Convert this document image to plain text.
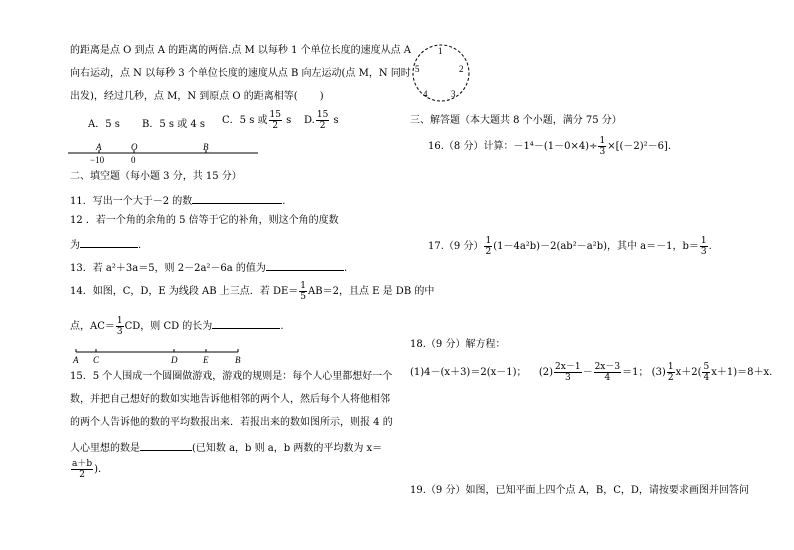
的距离是点 O 到点 A 的距离的两倍.点 M 以每秒 1 个单位长度的速度从点 A
向右运动，点 N 以每秒 3 个单位长度的速度从点 B 向左运动(点 M，N 同时
出发)，经过几秒，点 M，N 到原点 O 的距离相等( )
A．5 s B．5 s 或 4 s C．5 s 或 $\frac{15}{2}$ s D. $\frac{15}{2}$ s
A	O	B
−10	0
二、填空题（每小题 3 分，共 15 分）
11．写出一个大于－2 的数	.
12 ．若一个角的余角的 5 倍等于它的补角，则这个角的度数
为	.
13．若 a²＋3a＝5，则 2－2a²－6a 的值为	.
14．如图，C，D，E 为线段 AB 上三点．若 $DE= \frac{1}{5} AB=2$，且点 E 是 DB 的中
点，$AC= \frac{1}{3}$ CD，则 CD 的长为	.
A C	D	E	B
15．5 个人围成一个圆圈做游戏，游戏的规则是：每个人心里都想好一个
数，并把自己想好的数如实地告诉他相邻的两个人，然后每个人将他相邻
的两个人告诉他的数的平均数报出来．若报出来的数如图所示，则报 4 的
人心里想的数是	(已知数 a，b 则 a，b 两数的平均数为 x＝
$\frac{a+b}{2}$ ).
1
2
3
4
5
三、解答题（本大题共 8 个小题，满分 75 分）
16.（8 分）计算：$-1^4-(1-0\times 4)\div \frac{1}{3} \times[(-2)^2-6]$.
17.（9 分） $\frac{1}{2} (1-4a^2b)-2(ab^2-a^2b)$，其中 a＝－1，$b= \frac{1}{3}$ .
18.（9 分）解方程：
(1)4－(x＋3)＝2(x－1)； $(2) \frac{2x-1}{3} - \frac{2x-3}{4} =1$； $(3) \frac{1}{2} x+2( \frac{5}{4} x+1)=8+x$.
19.（9 分）如图，已知平面上四个点 A，B，C，D，请按要求画图并回答问
